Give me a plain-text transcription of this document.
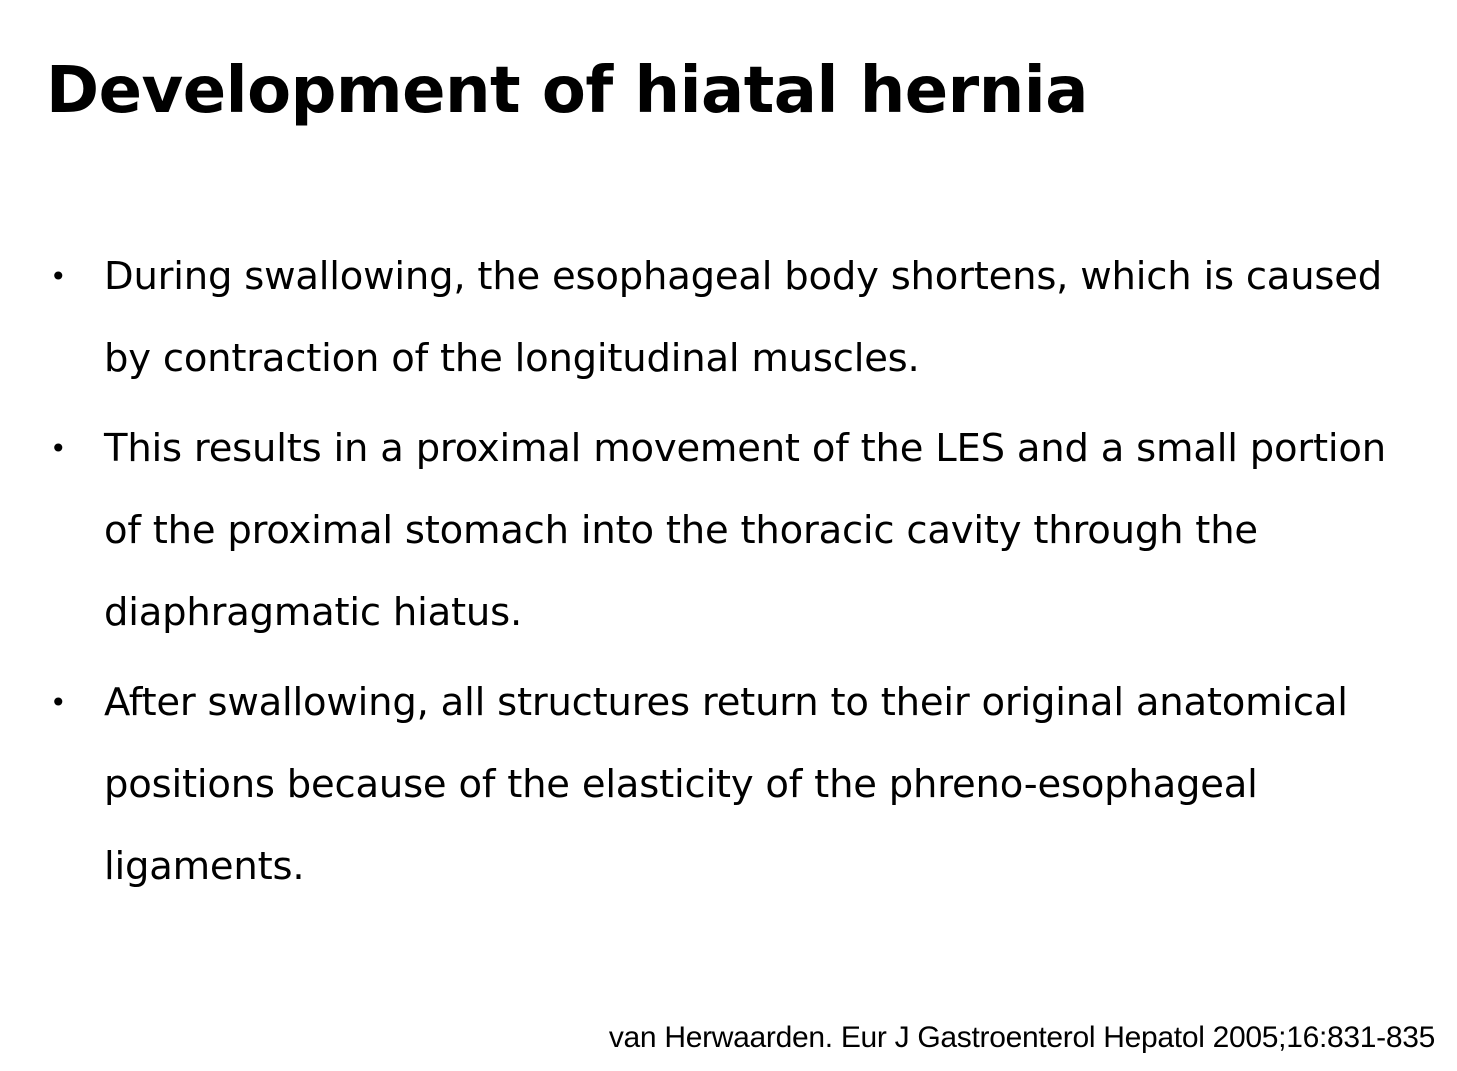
Development of hiatal hernia
• During swallowing, the esophageal body shortens, which is caused by contraction of the longitudinal muscles.
• This results in a proximal movement of the LES and a small portion of the proximal stomach into the thoracic cavity through the diaphragmatic hiatus.
• After swallowing, all structures return to their original anatomical positions because of the elasticity of the phreno-esophageal ligaments.

van Herwaarden. Eur J Gastroenterol Hepatol 2005;16:831-835
